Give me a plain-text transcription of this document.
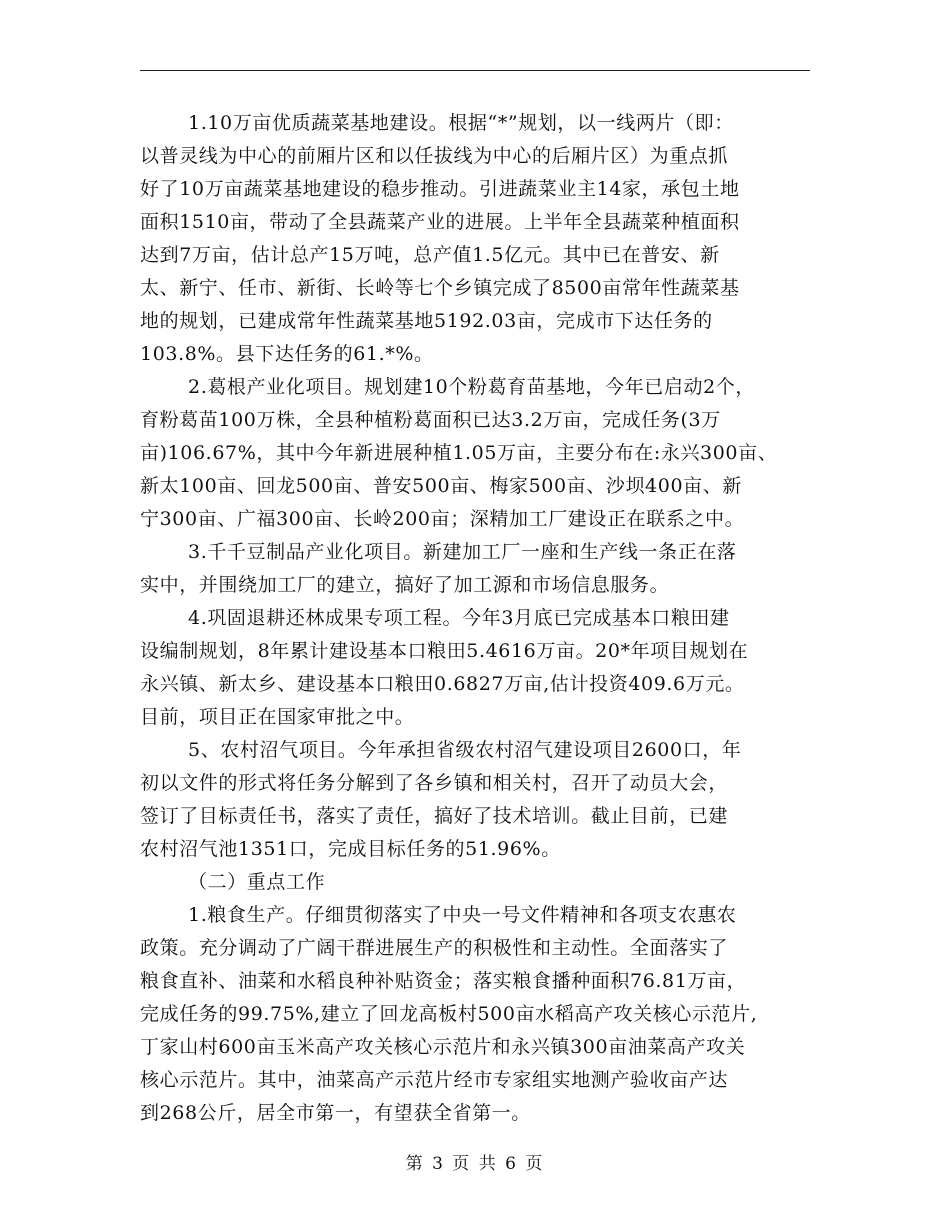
1.10万亩优质蔬菜基地建设。根据“*”规划，以一线两片（即：
以普灵线为中心的前厢片区和以任拔线为中心的后厢片区）为重点抓
好了10万亩蔬菜基地建设的稳步推动。引进蔬菜业主14家，承包土地
面积1510亩，带动了全县蔬菜产业的进展。上半年全县蔬菜种植面积
达到7万亩，估计总产15万吨，总产值1.5亿元。其中已在普安、新
太、新宁、任市、新街、长岭等七个乡镇完成了8500亩常年性蔬菜基
地的规划，已建成常年性蔬菜基地5192.03亩，完成市下达任务的
103.8%。县下达任务的61.*%。
2.葛根产业化项目。规划建10个粉葛育苗基地，今年已启动2个，
育粉葛苗100万株，全县种植粉葛面积已达3.2万亩，完成任务(3万
亩)106.67%，其中今年新进展种植1.05万亩，主要分布在:永兴300亩、
新太100亩、回龙500亩、普安500亩、梅家500亩、沙坝400亩、新
宁300亩、广福300亩、长岭200亩；深精加工厂建设正在联系之中。
3.千千豆制品产业化项目。新建加工厂一座和生产线一条正在落
实中，并围绕加工厂的建立，搞好了加工源和市场信息服务。
4.巩固退耕还林成果专项工程。今年3月底已完成基本口粮田建
设编制规划，8年累计建设基本口粮田5.4616万亩。20*年项目规划在
永兴镇、新太乡、建设基本口粮田0.6827万亩,估计投资409.6万元。
目前，项目正在国家审批之中。
5、农村沼气项目。今年承担省级农村沼气建设项目2600口，年
初以文件的形式将任务分解到了各乡镇和相关村，召开了动员大会，
签订了目标责任书，落实了责任，搞好了技术培训。截止目前，已建
农村沼气池1351口，完成目标任务的51.96%。
（二）重点工作
1.粮食生产。仔细贯彻落实了中央一号文件精神和各项支农惠农
政策。充分调动了广阔干群进展生产的积极性和主动性。全面落实了
粮食直补、油菜和水稻良种补贴资金；落实粮食播种面积76.81万亩，
完成任务的99.75%,建立了回龙高板村500亩水稻高产攻关核心示范片,
丁家山村600亩玉米高产攻关核心示范片和永兴镇300亩油菜高产攻关
核心示范片。其中，油菜高产示范片经市专家组实地测产验收亩产达
到268公斤，居全市第一，有望获全省第一。
第 3 页 共 6 页
